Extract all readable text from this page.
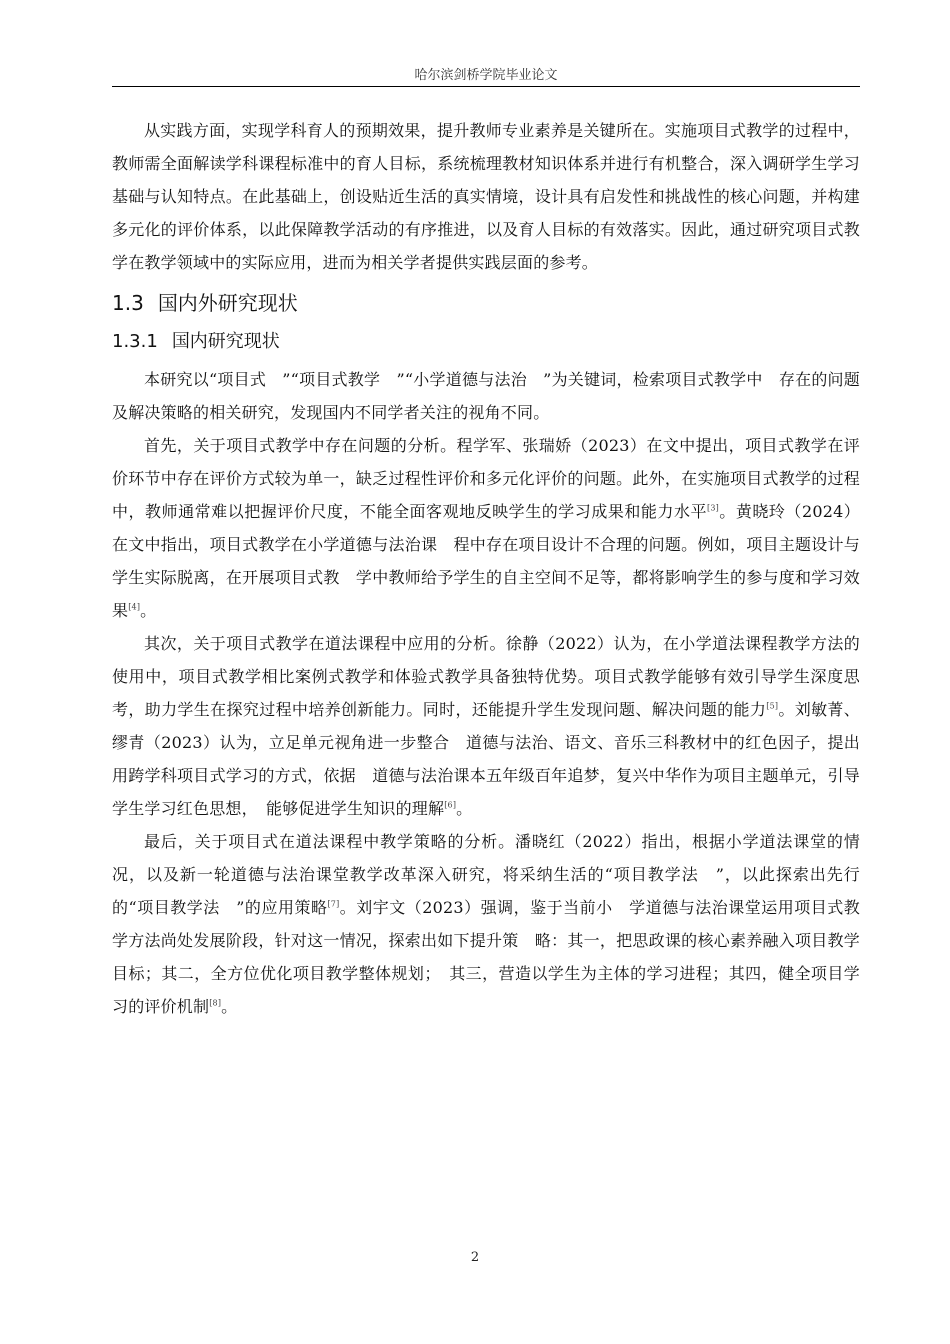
哈尔滨剑桥学院毕业论文

从实践方面，实现学科育人的预期效果，提升教师专业素养是关键所在。实施项目式教学的过程中，教师需全面解读学科课程标准中的育人目标，系统梳理教材知识体系并进行有机整合，深入调研学生学习基础与认知特点。在此基础上，创设贴近生活的真实情境，设计具有启发性和挑战性的核心问题，并构建多元化的评价体系，以此保障教学活动的有序推进，以及育人目标的有效落实。因此，通过研究项目式教学在教学领域中的实际应用，进而为相关学者提供实践层面的参考。

1.3 国内外研究现状
1.3.1 国内研究现状

本研究以“项目式　”“项目式教学　”“小学道德与法治　”为关键词，检索项目式教学中　存在的问题及解决策略的相关研究，发现国内不同学者关注的视角不同。

首先，关于项目式教学中存在问题的分析。程学军、张瑞娇（2023）在文中提出，项目式教学在评价环节中存在评价方式较为单一，缺乏过程性评价和多元化评价的问题。此外，在实施项目式教学的过程中，教师通常难以把握评价尺度，不能全面客观地反映学生的学习成果和能力水平[3]。黄晓玲（2024）在文中指出，项目式教学在小学道德与法治课　程中存在项目设计不合理的问题。例如，项目主题设计与学生实际脱离，在开展项目式教　学中教师给予学生的自主空间不足等，都将影响学生的参与度和学习效果[4]。

其次，关于项目式教学在道法课程中应用的分析。徐静（2022）认为，在小学道法课程教学方法的使用中，项目式教学相比案例式教学和体验式教学具备独特优势。项目式教学能够有效引导学生深度思考，助力学生在探究过程中培养创新能力。同时，还能提升学生发现问题、解决问题的能力[5]。刘敏菁、缪青（2023）认为，立足单元视角进一步整合　道德与法治、语文、音乐三科教材中的红色因子，提出用跨学科项目式学习的方式，依据　道德与法治课本五年级百年追梦，复兴中华作为项目主题单元，引导学生学习红色思想，　能够促进学生知识的理解[6]。

最后，关于项目式在道法课程中教学策略的分析。潘晓红（2022）指出，根据小学道法课堂的情况，以及新一轮道德与法治课堂教学改革深入研究，将采纳生活的“项目教学法　”，以此探索出先行的“项目教学法　”的应用策略[7]。刘宇文（2023）强调，鉴于当前小　学道德与法治课堂运用项目式教学方法尚处发展阶段，针对这一情况，探索出如下提升策　略：其一，把思政课的核心素养融入项目教学目标；其二，全方位优化项目教学整体规划；　其三，营造以学生为主体的学习进程；其四，健全项目学习的评价机制[8]。

2
